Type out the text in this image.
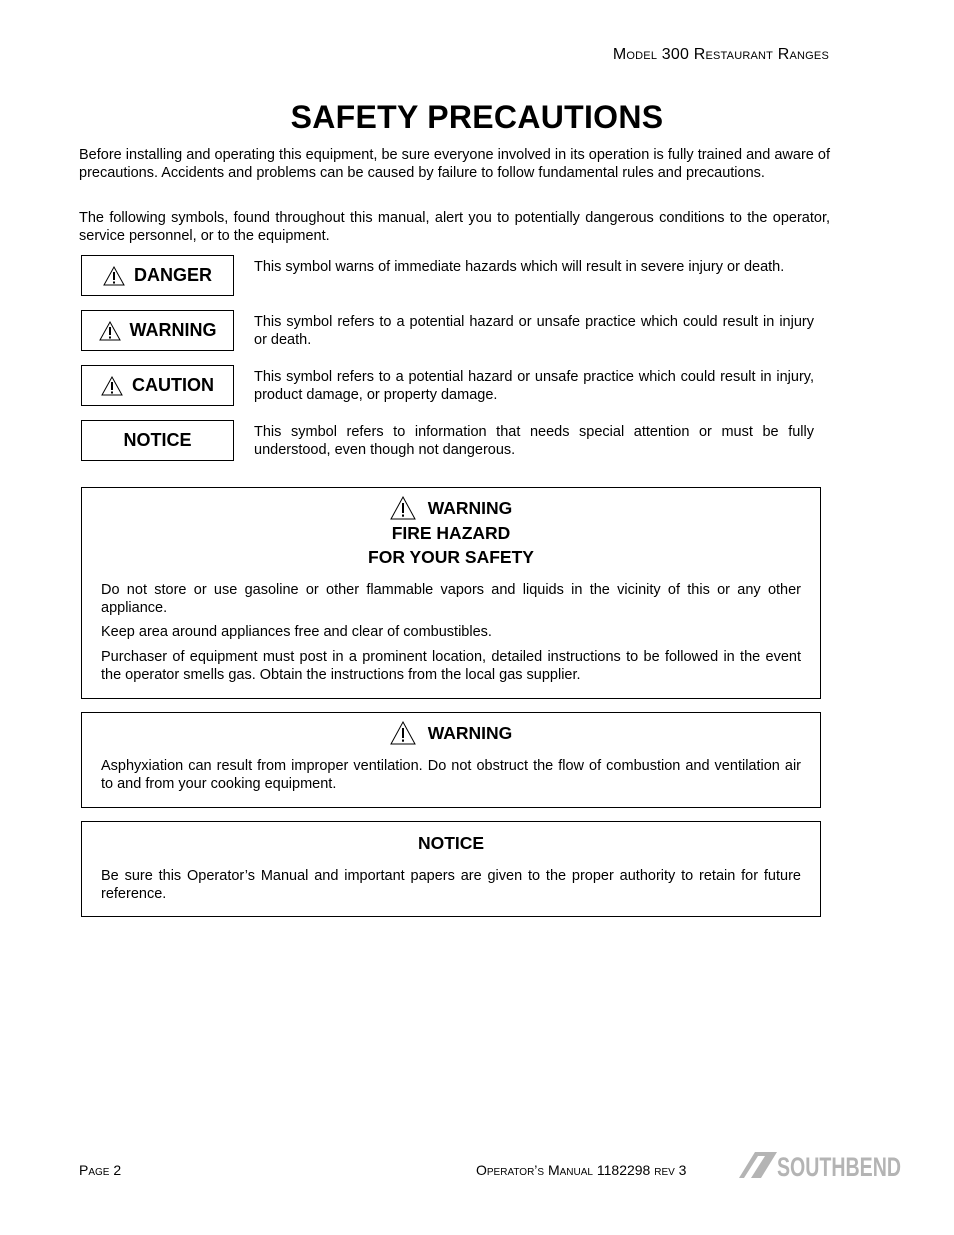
Model 300 Restaurant Ranges
SAFETY PRECAUTIONS

Before installing and operating this equipment, be sure everyone involved in its operation is fully trained and aware of precautions. Accidents and problems can be caused by failure to follow fundamental rules and precautions.

The following symbols, found throughout this manual, alert you to potentially dangerous conditions to the operator, service personnel, or to the equipment.

DANGER	This symbol warns of immediate hazards which will result in severe injury or death.

WARNING	This symbol refers to a potential hazard or unsafe practice which could result in injury or death.

CAUTION	This symbol refers to a potential hazard or unsafe practice which could result in injury, product damage, or property damage.

NOTICE	This symbol refers to information that needs special attention or must be fully understood, even though not dangerous.

WARNING
FIRE HAZARD
FOR YOUR SAFETY

Do not store or use gasoline or other flammable vapors and liquids in the vicinity of this or any other appliance.

Keep area around appliances free and clear of combustibles.

Purchaser of equipment must post in a prominent location, detailed instructions to be followed in the event the operator smells gas. Obtain the instructions from the local gas supplier.

WARNING

Asphyxiation can result from improper ventilation. Do not obstruct the flow of combustion and ventilation air to and from your cooking equipment.

NOTICE

Be sure this Operator’s Manual and important papers are given to the proper authority to retain for future reference.

Page 2	Operator’s Manual 1182298 rev 3	SOUTHBEND
